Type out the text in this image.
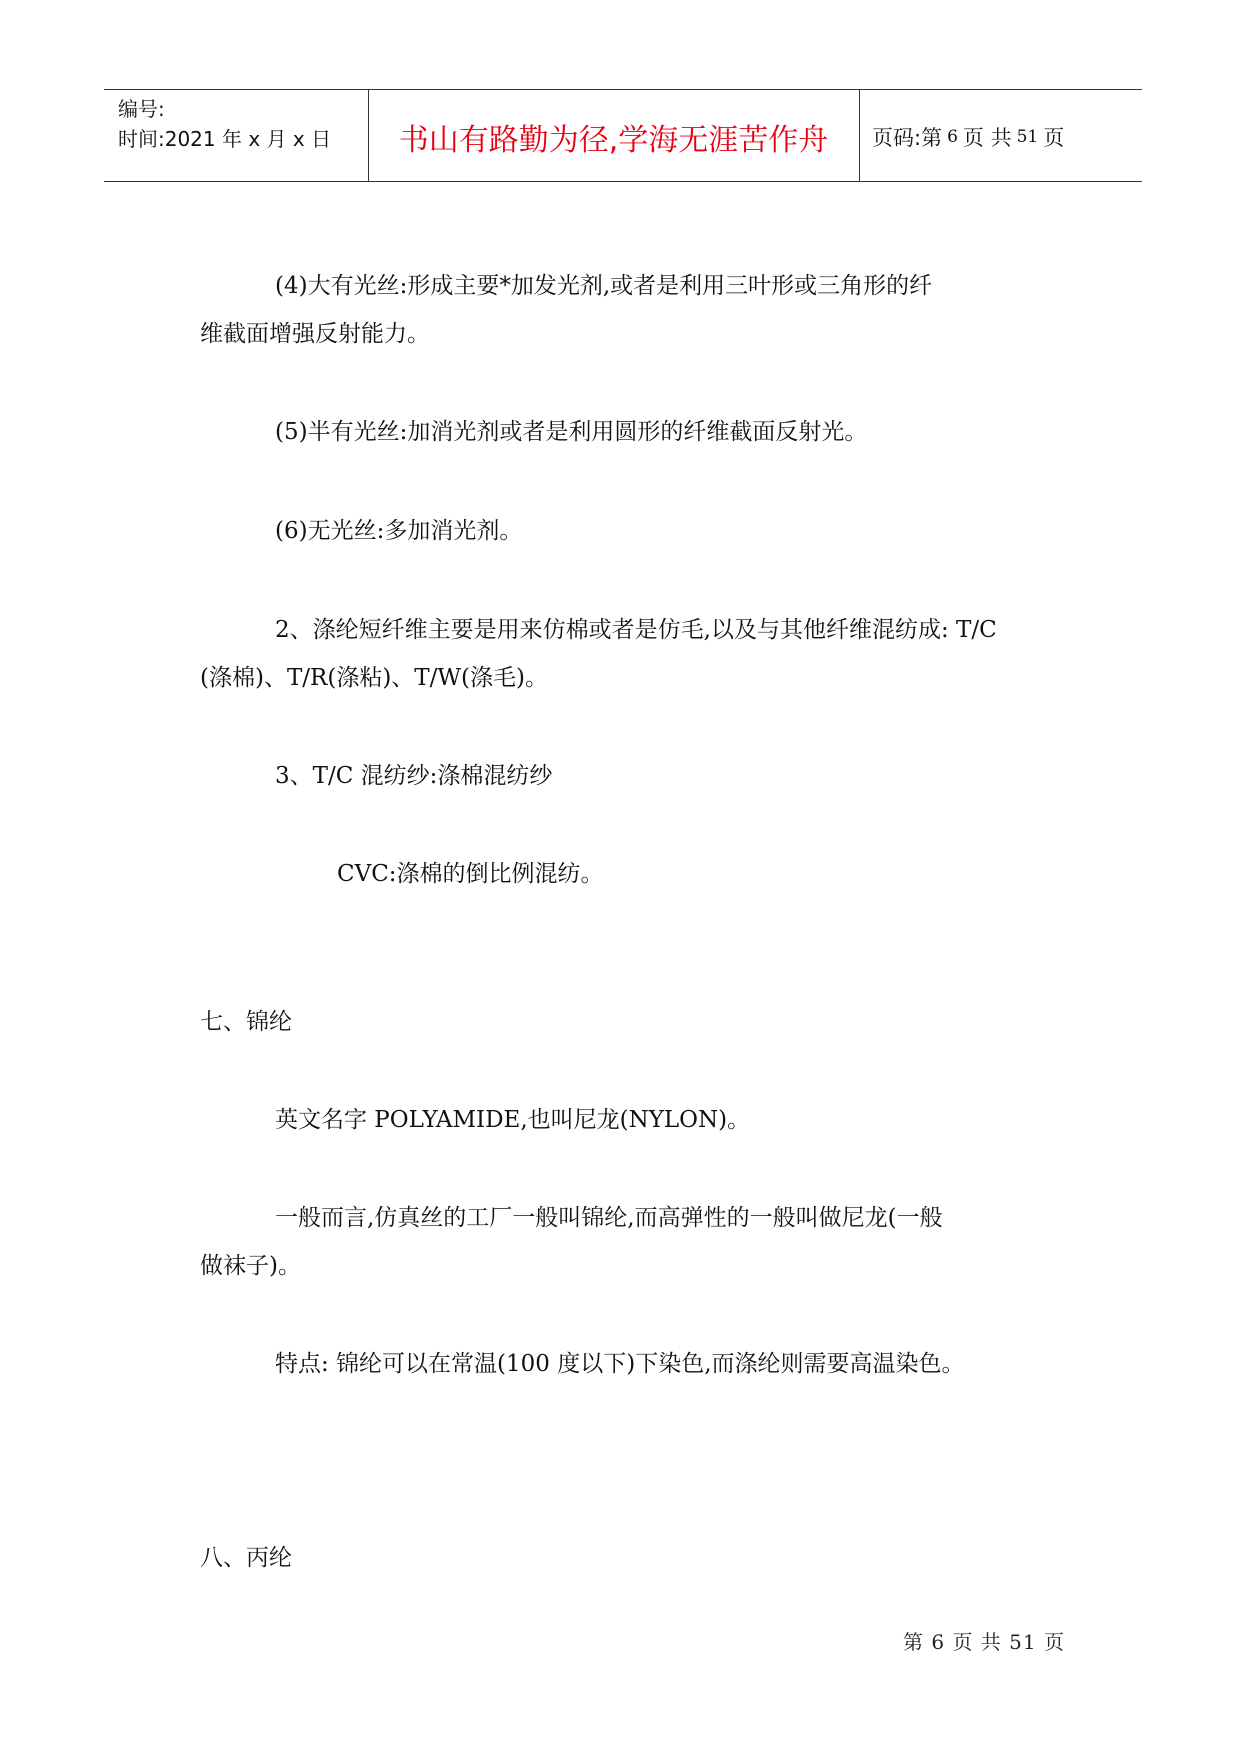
编号:
时间:2021 年 x 月 x 日	书山有路勤为径,学海无涯苦作舟	页码:第 6 页 共 51 页
(4)大有光丝:形成主要*加发光剂,或者是利用三叶形或三角形的纤
维截面增强反射能力。
(5)半有光丝:加消光剂或者是利用圆形的纤维截面反射光。
(6)无光丝:多加消光剂。
2、涤纶短纤维主要是用来仿棉或者是仿毛,以及与其他纤维混纺成: T/C
(涤棉)、T/R(涤粘)、T/W(涤毛)。
3、T/C 混纺纱:涤棉混纺纱
CVC:涤棉的倒比例混纺。
七、锦纶
英文名字 POLYAMIDE,也叫尼龙(NYLON)。
一般而言,仿真丝的工厂一般叫锦纶,而高弹性的一般叫做尼龙(一般
做袜子)。
特点: 锦纶可以在常温(100 度以下)下染色,而涤纶则需要高温染色。
八、丙纶
第 6 页 共 51 页
